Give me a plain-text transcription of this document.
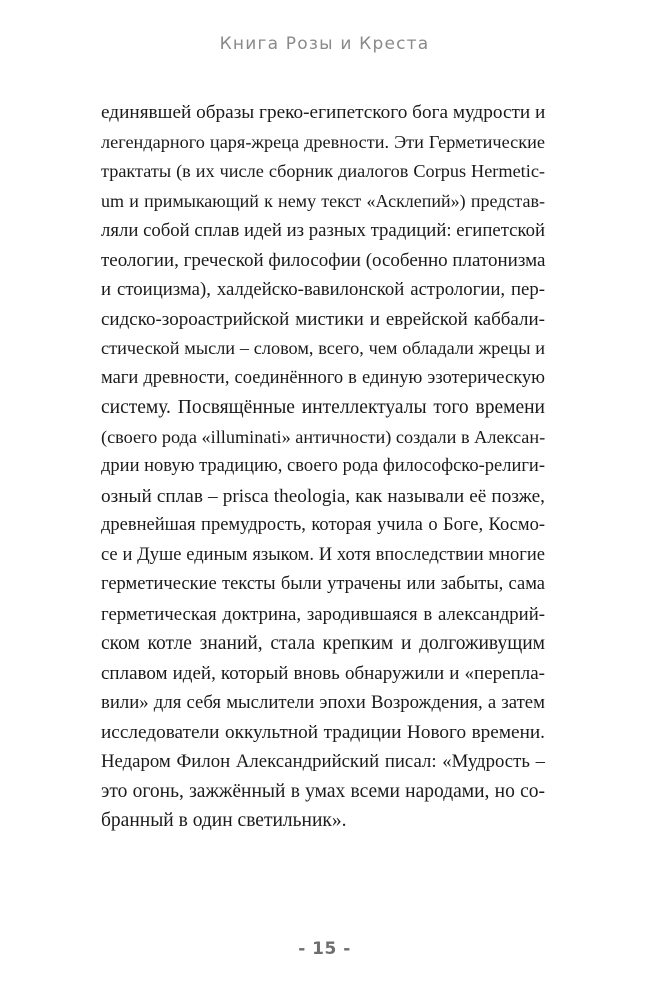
Книга Розы и Креста
единявшей образы греко-египетского бога мудрости и
легендарного царя-жреца древности. Эти Герметические
трактаты (в их числе сборник диалогов Corpus Hermetic-
um и примыкающий к нему текст «Асклепий») представ-
ляли собой сплав идей из разных традиций: египетской
теологии, греческой философии (особенно платонизма
и стоицизма), халдейско-вавилонской астрологии, пер-
сидско-зороастрийской мистики и еврейской каббали-
стической мысли – словом, всего, чем обладали жрецы и
маги древности, соединённого в единую эзотерическую
систему. Посвящённые интеллектуалы того времени
(своего рода «illuminati» античности) создали в Алексан-
дрии новую традицию, своего рода философско-религи-
озный сплав – prisca theologia, как называли её позже,
древнейшая премудрость, которая учила о Боге, Космо-
се и Душе единым языком. И хотя впоследствии многие
герметические тексты были утрачены или забыты, сама
герметическая доктрина, зародившаяся в александрий-
ском котле знаний, стала крепким и долгоживущим
сплавом идей, который вновь обнаружили и «перепла-
вили» для себя мыслители эпохи Возрождения, а затем
исследователи оккультной традиции Нового времени.
Недаром Филон Александрийский писал: «Мудрость –
это огонь, зажжённый в умах всеми народами, но со-
бранный в один светильник».
- 15 -
